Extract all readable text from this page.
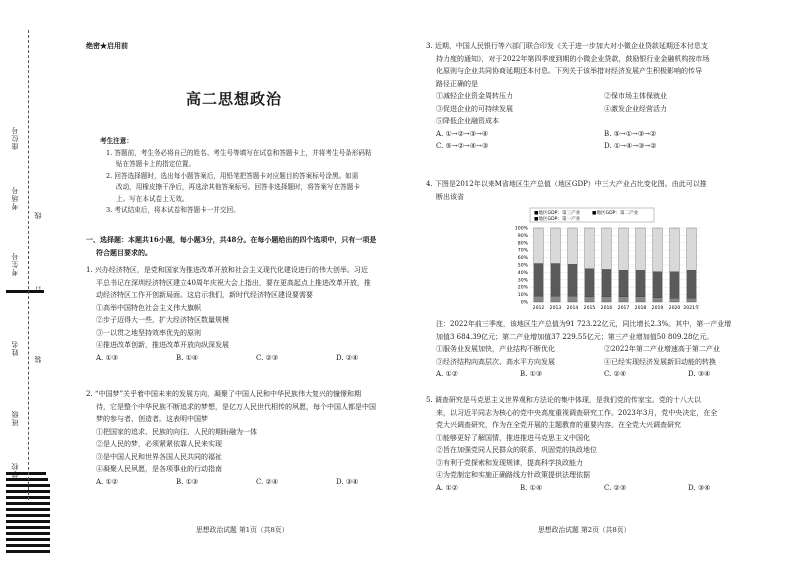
座位号
考场号
考生号
姓名
班级
学校
线
订
装
绝密★启用前
高二思想政治
考生注意：
1. 答题前，考生务必将自己的姓名、考生号等填写在试卷和答题卡上，并将考生号条形码粘
贴在答题卡上的指定位置。
2. 回答选择题时，选出每小题答案后，用铅笔把答题卡对应题目的答案标号涂黑。如需
改动，用橡皮擦干净后，再选涂其他答案标号。回答非选择题时，将答案写在答题卡
上。写在本试卷上无效。
3. 考试结束后，将本试卷和答题卡一并交回。
一、选择题：本题共16小题，每小题3分，共48分。在每小题给出的四个选项中，只有一项是
符合题目要求的。
1. 兴办经济特区，是党和国家为推进改革开放和社会主义现代化建设进行的伟大创举。习近
平总书记在深圳经济特区建立40周年庆祝大会上指出，要在更高起点上推进改革开放，推
动经济特区工作开创新局面。这启示我们，新时代经济特区建设要需要
①高举中国特色社会主义伟大旗帜
②步子迈得大一些，扩大经济特区数量规模
③一以贯之地坚持效率优先的原则
④推进改革创新，推进改革开放向纵深发展
A. ①③	B. ①④	C. ②③	D. ②④
2. “中国梦”关乎着中国未来的发展方向，凝聚了中国人民和中华民族伟大复兴的憧憬和期
待，它是整个中华民族不断追求的梦想，是亿万人民世代相传的夙愿，每个中国人都是中国
梦的参与者、创造者。这表明中国梦
①把国家的追求、民族的向往、人民的期盼融为一体
②是人民的梦，必须紧紧依靠人民来实现
③是中国人民和世界各国人民共同的福祉
④凝聚人民夙愿，是各项事业的行动指南
A. ①②	B. ①③	C. ②④	D. ③④
思想政治试题 第1页（共8页）
3. 近期，中国人民银行等六部门联合印发《关于进一步加大对小微企业贷款延期还本付息支
持力度的通知》，对于2022年第四季度到期的小微企业贷款，鼓励银行业金融机构按市场
化原则与企业共同协商延期还本付息。下列关于该举措对经济发展产生积极影响的传导
路径正确的是
①减轻企业资金周转压力	②保市场主体保就业
③促进企业的可持续发展	④激发企业经营活力
⑤降低企业融资成本
A. ①→②→③→④	B. ⑤→①→③→②
C. ⑤→②→④→③	D. ①→④→③→②
4. 下图是2012年以来M省地区生产总值（地区GDP）中三大产业占比变化图。由此可以推
断出该省
■地区GDP：第三产业	■地区GDP：第二产业
■地区GDP：第一产业
0%
10%
20%
30%
40%
50%
60%
70%
80%
90%
100%
2012 2013 2014 2015 2016 2017 2018 2019 2020 2021年
注：2022年前三季度，该地区生产总值为91 723.22亿元，同比增长2.3%。其中，第一产业增
加值3 684.39亿元；第二产业增加值37 229.55亿元；第三产业增加值50 809.28亿元。
①服务业发展加快，产业结构不断优化	②2022年第二产业增速高于第二产业
③经济结构向高层次、高水平方向发展	④已经实现经济发展新旧动能的转换
A. ①②	B. ①③	C. ②④	D. ③④
5. 调查研究是马克思主义世界观和方法论的集中体现，是我们党的传家宝。党的十八大以
来，以习近平同志为核心的党中央高度重视调查研究工作。2023年3月，党中央决定，在全
党大兴调查研究，作为在全党开展的主题教育的重要内容。在全党大兴调查研究
①能够更好了解国情，推进推进马克思主义中国化
②旨在加强党同人民群众的联系，巩固党的执政地位
③有利于党探索和发现规律，提高科学执政能力
④为党制定和实施正确路线方针政策提供法理依据
A. ①②	B. ①④	C. ②③	D. ③④
思想政治试题 第2页（共8页）
